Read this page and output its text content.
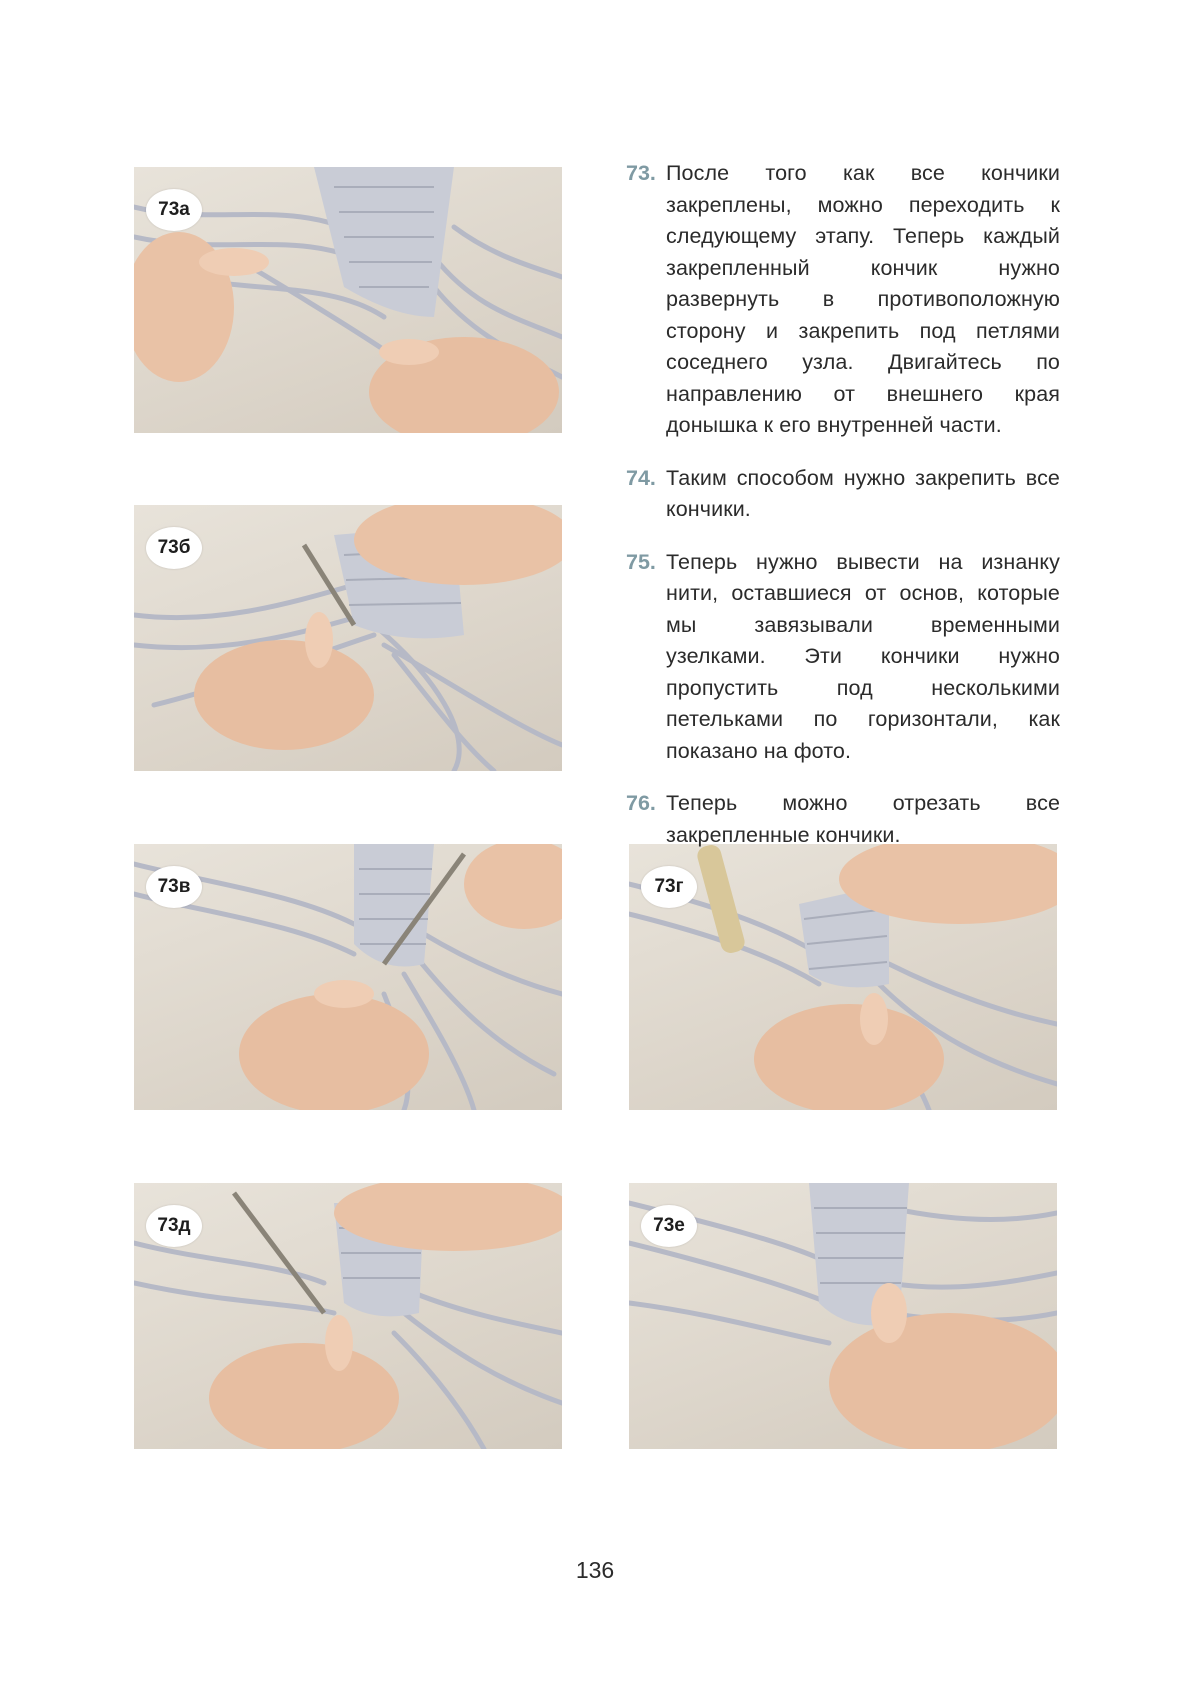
73а
73б
73в	73г
73д	73е
73. После того как все кончики закреплены, можно переходить к следующему этапу. Теперь каждый закрепленный кончик нужно развернуть в противоположную сторону и закрепить под петлями соседнего узла. Двигайтесь по направлению от внешнего края донышка к его внутренней части.
74. Таким способом нужно закрепить все кончики.
75. Теперь нужно вывести на изнанку нити, оставшиеся от основ, которые мы завязывали временными узелками. Эти кончики нужно пропустить под несколькими петельками по горизонтали, как показано на фото.
76. Теперь можно отрезать все закрепленные кончики.
136
